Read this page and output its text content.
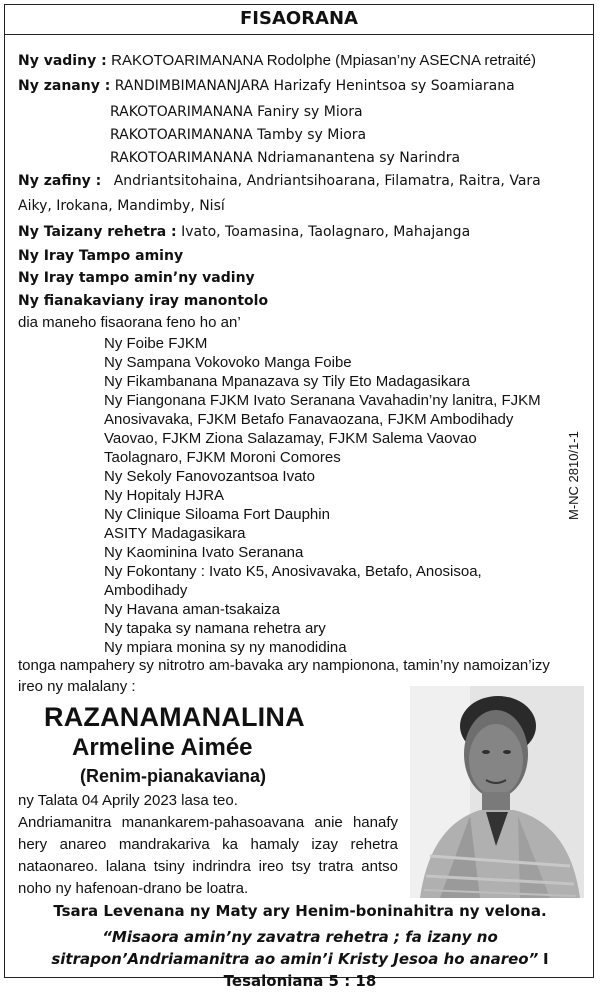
FISAORANA
Ny vadiny : RAKOTOARIMANANA Rodolphe (Mpiasan’ny ASECNA retraité)
Ny zanany : RANDIMBIMANANJARA Harizafy Henintsoa sy Soamiarana
RAKOTOARIMANANA Faniry sy Miora
RAKOTOARIMANANA Tamby sy Miora
RAKOTOARIMANANA Ndriamanantena sy Narindra
Ny zafiny : Andriantsitohaina, Andriantsihoarana, Filamatra, Raitra, Vara
Aiky, Irokana, Mandimby, Nisí
Ny Taizany rehetra : Ivato, Toamasina, Taolagnaro, Mahajanga
Ny Iray Tampo aminy
Ny Iray tampo amin’ny vadiny
Ny fianakaviany iray manontolo
dia maneho fisaorana feno ho an’
Ny Foibe FJKM
Ny Sampana Vokovoko Manga Foibe
Ny Fikambanana Mpanazava sy Tily Eto Madagasikara
Ny Fiangonana FJKM Ivato Seranana Vavahadin’ny lanitra, FJKM
Anosivavaka, FJKM Betafo Fanavaozana, FJKM Ambodihady
Vaovao, FJKM Ziona Salazamay, FJKM Salema Vaovao
Taolagnaro, FJKM Moroni Comores
Ny Sekoly Fanovozantsoa Ivato
Ny Hopitaly HJRA
Ny Clinique Siloama Fort Dauphin
ASITY Madagasikara
Ny Kaominina Ivato Seranana
Ny Fokontany : Ivato K5, Anosivavaka, Betafo, Anosisoa,
Ambodihady
Ny Havana aman-tsakaiza
Ny tapaka sy namana rehetra ary
Ny mpiara monina sy ny manodidina
M-NC 2810/1-1
tonga nampahery sy nitrotro am-bavaka ary nampionona, tamin’ny namoizan’izy
ireo ny malalany :
RAZANAMANALINA
Armeline Aimée
(Renim-pianakaviana)
ny Talata 04 Aprily 2023 lasa teo.
Andriamanitra manankarem-pahasoavana anie hanafy hery anareo mandrakariva ka hamaly izay rehetra nataonareo. lalana tsiny indrindra ireo tsy tratra antso noho ny hafenoan-drano be loatra.
Tsara Levenana ny Maty ary Henim-boninahitra ny velona.
“Misaora amin’ny zavatra rehetra ; fa izany no sitrapon’Andriamanitra ao amin’i Kristy Jesoa ho anareo” I Tesaloniana 5 : 18
